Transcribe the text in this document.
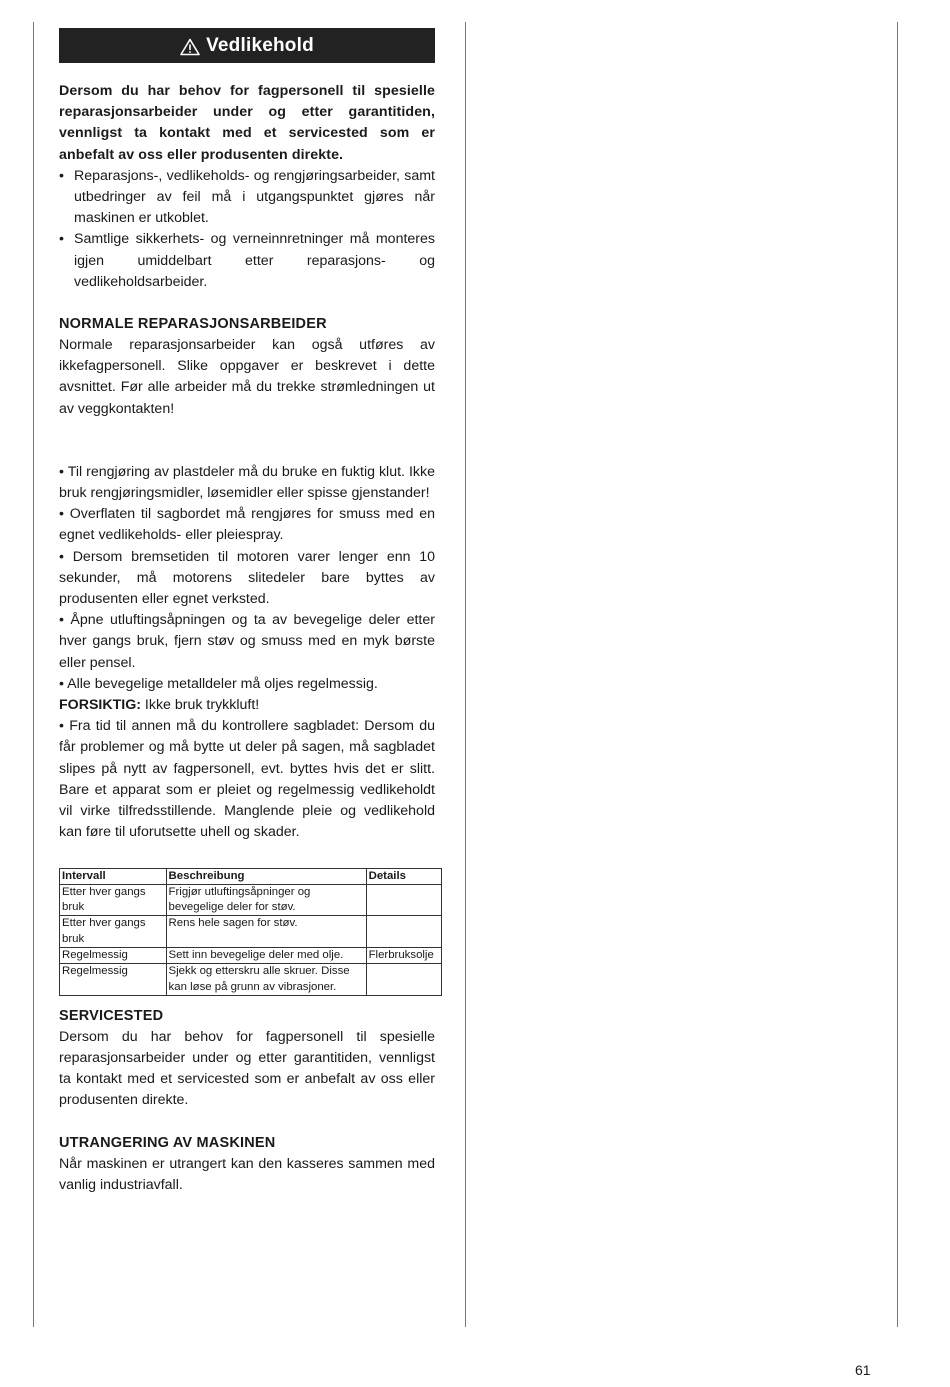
Vedlikehold

Dersom du har behov for fagpersonell til spesielle reparasjonsarbeider under og etter garantitiden, vennligst ta kontakt med et servicested som er anbefalt av oss eller produsenten direkte.

• Reparasjons-, vedlikeholds- og rengjøringsarbeider, samt utbedringer av feil må i utgangspunktet gjøres når maskinen er utkoblet.
• Samtlige sikkerhets- og verneinnretninger må monteres igjen umiddelbart etter reparasjons- og vedlikeholdsarbeider.
NORMALE REPARASJONSARBEIDER

Normale reparasjonsarbeider kan også utføres av ikkefagpersonell. Slike oppgaver er beskrevet i dette avsnittet. Før alle arbeider må du trekke strømledningen ut av veggkontakten!

• Til rengjøring av plastdeler må du bruke en fuktig klut. Ikke bruk rengjøringsmidler, løsemidler eller spisse gjenstander!

• Overflaten til sagbordet må rengjøres for smuss med en egnet vedlikeholds- eller pleiespray.

• Dersom bremsetiden til motoren varer lenger enn 10 sekunder, må motorens slitedeler bare byttes av produsenten eller egnet verksted.

• Åpne utluftingsåpningen og ta av bevegelige deler etter hver gangs bruk, fjern støv og smuss med en myk børste eller pensel.

• Alle bevegelige metalldeler må oljes regelmessig.

FORSIKTIG: Ikke bruk trykkluft!

• Fra tid til annen må du kontrollere sagbladet: Dersom du får problemer og må bytte ut deler på sagen, må sagbladet slipes på nytt av fagpersonell, evt. byttes hvis det er slitt. Bare et apparat som er pleiet og regelmessig vedlikeholdt vil virke tilfredsstillende. Manglende pleie og vedlikehold kan føre til uforutsette uhell og skader.

Intervall	Beschreibung	Details
Etter hver gangs bruk	Frigjør utluftingsåpninger og bevegelige deler for støv.	
Etter hver gangs bruk	Rens hele sagen for støv.	
Regelmessig	Sett inn bevegelige deler med olje.	Flerbruksolje
Regelmessig	Sjekk og etterskru alle skruer. Disse kan løse på grunn av vibrasjoner.	
SERVICESTED

Dersom du har behov for fagpersonell til spesielle reparasjonsarbeider under og etter garantitiden, vennligst ta kontakt med et servicested som er anbefalt av oss eller produsenten direkte.

UTRANGERING AV MASKINEN

Når maskinen er utrangert kan den kasseres sammen med vanlig industriavfall.

61
